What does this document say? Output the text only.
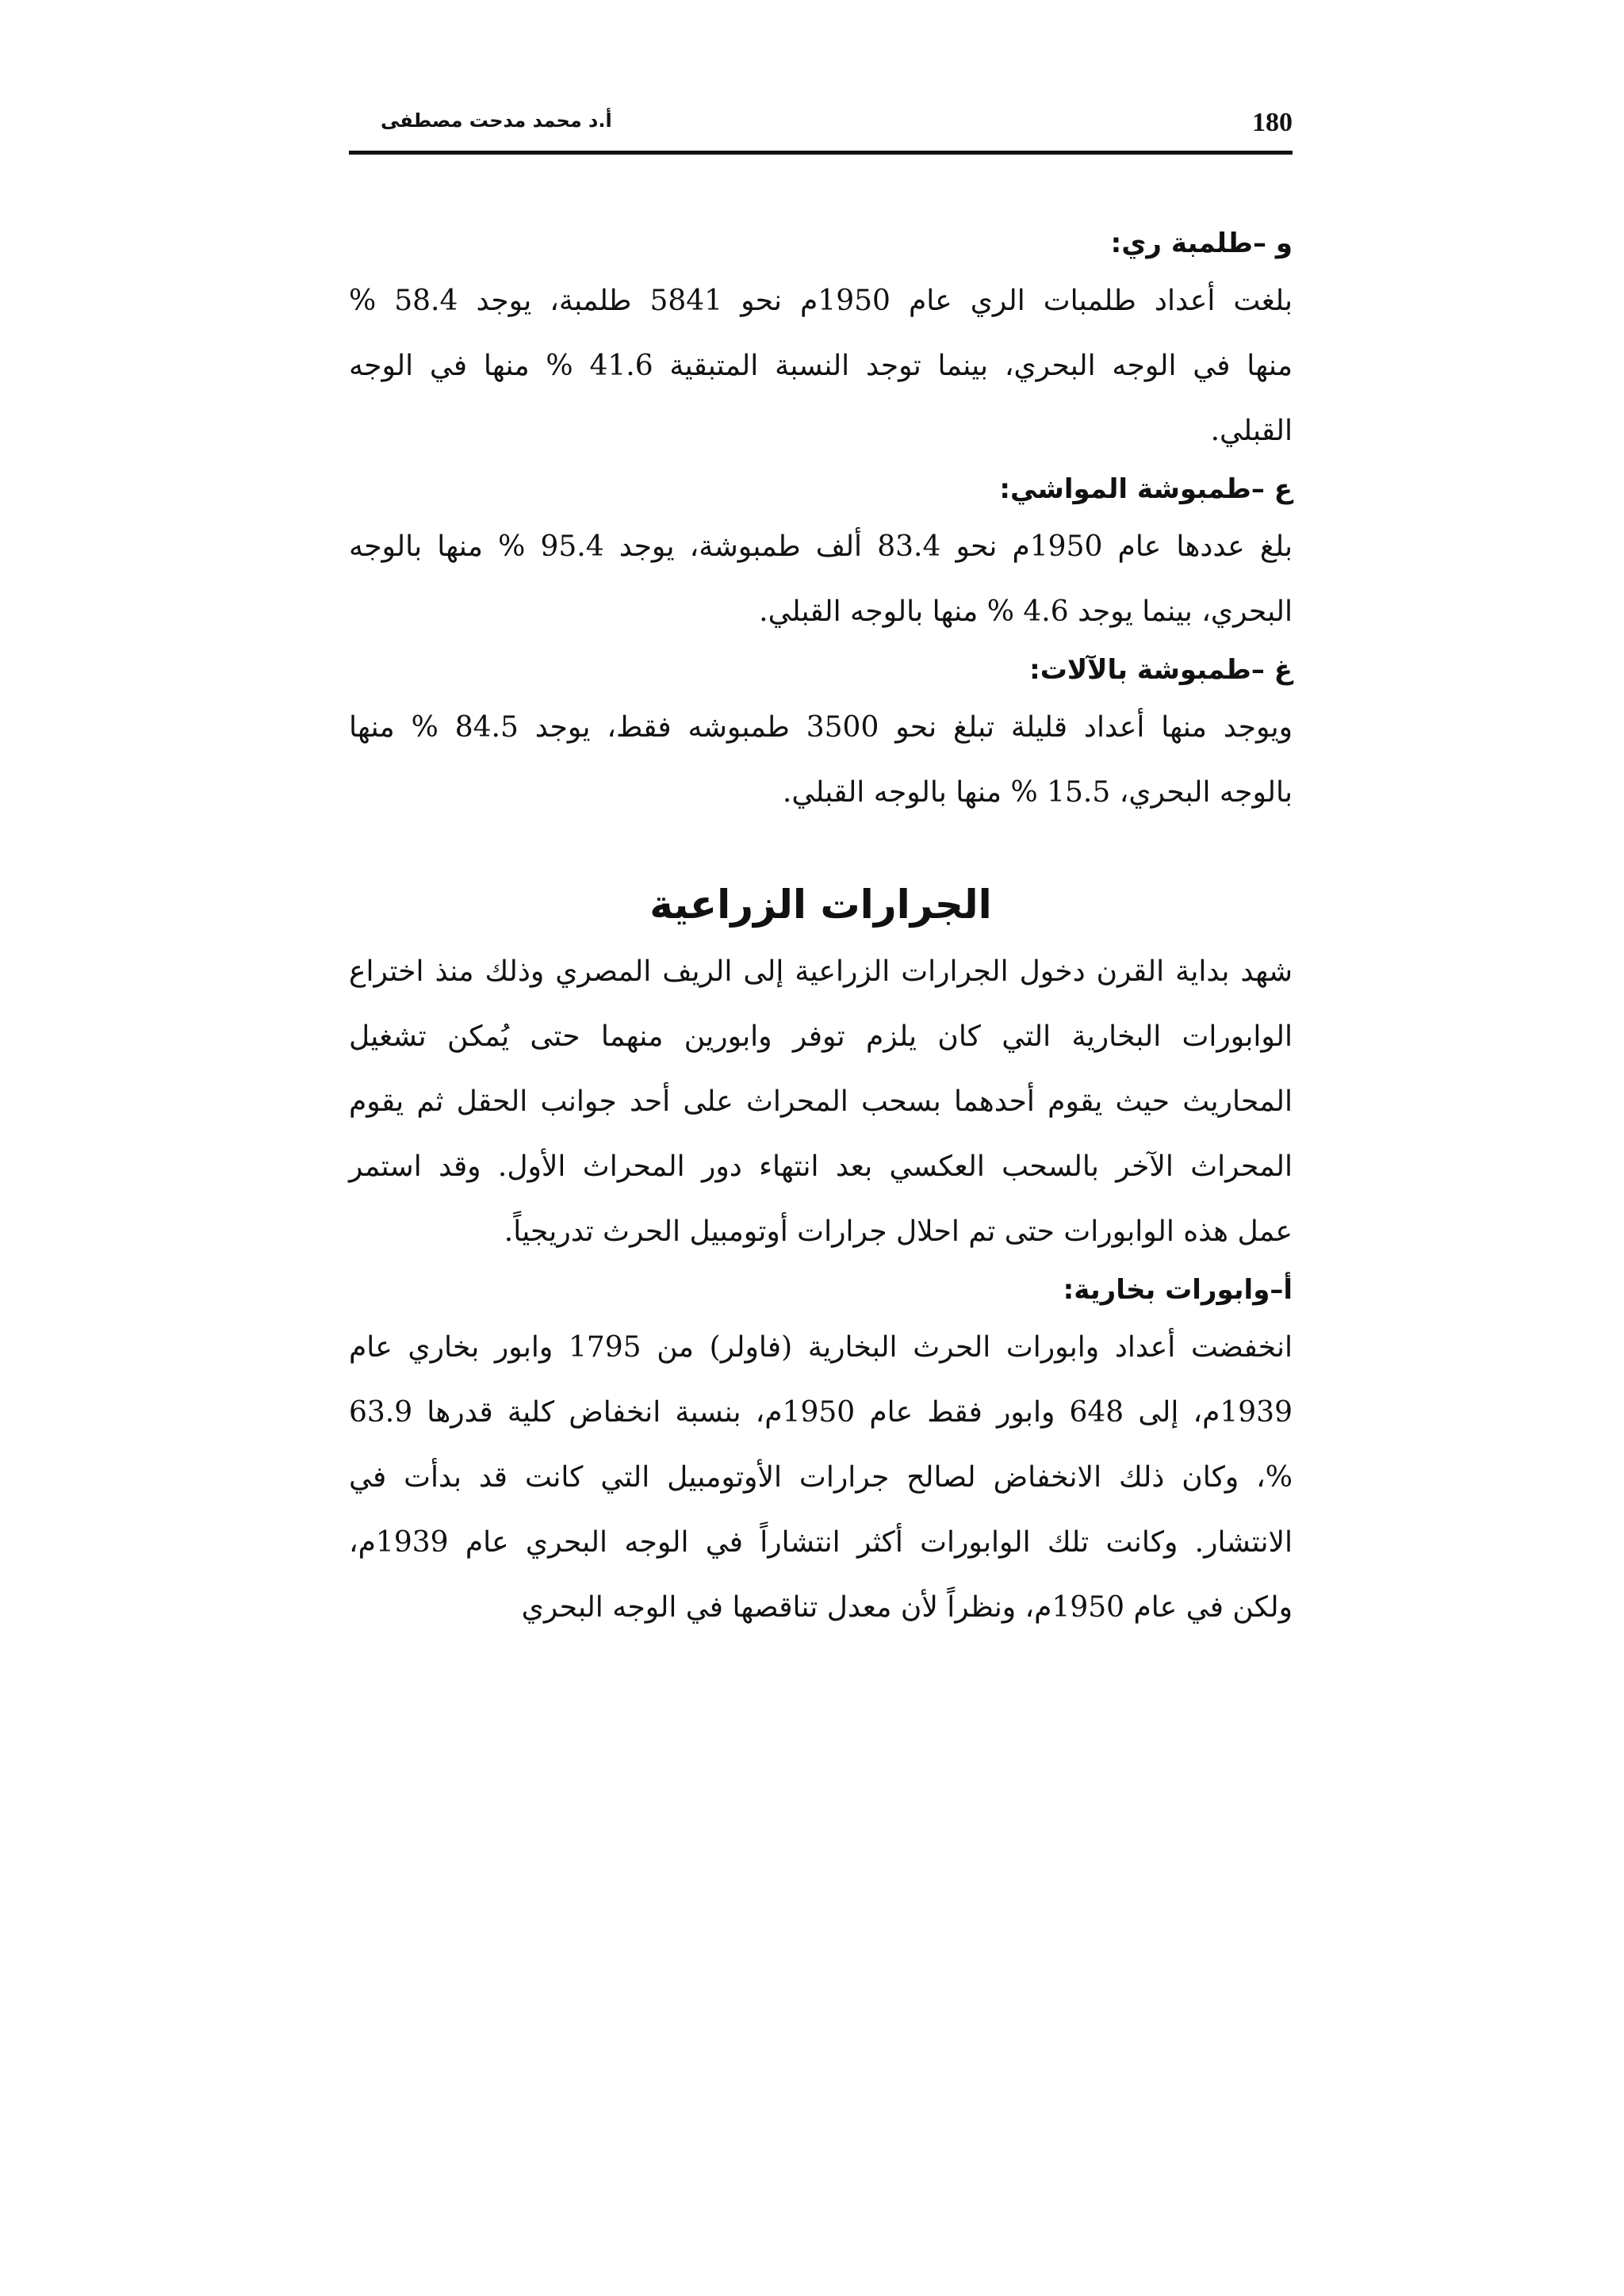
180
أ.د محمد مدحت مصطفى

و –طلمبة ري:

بلغت أعداد طلمبات الري عام 1950م نحو 5841 طلمبة، يوجد 58.4 %
منها في الوجه البحري، بينما توجد النسبة المتبقية 41.6 % منها في الوجه
القبلي.

ع –طمبوشة المواشي:

بلغ عددها عام 1950م نحو 83.4 ألف طمبوشة، يوجد 95.4 % منها بالوجه
البحري، بينما يوجد 4.6 % منها بالوجه القبلي.

غ –طمبوشة بالآلات:

ويوجد منها أعداد قليلة تبلغ نحو 3500 طمبوشه فقط، يوجد 84.5 % منها
بالوجه البحري، 15.5 % منها بالوجه القبلي.
الجرارات الزراعية
شهد بداية القرن دخول الجرارات الزراعية إلى الريف المصري وذلك منذ اختراع
الوابورات البخارية التي كان يلزم توفر وابورين منهما حتى يُمكن تشغيل
المحاريث حيث يقوم أحدهما بسحب المحراث على أحد جوانب الحقل ثم يقوم
المحراث الآخر بالسحب العكسي بعد انتهاء دور المحراث الأول. وقد استمر
عمل هذه الوابورات حتى تم احلال جرارات أوتومبيل الحرث تدريجياً.

أ–وابورات بخارية:

انخفضت أعداد وابورات الحرث البخارية (فاولر) من 1795 وابور بخاري عام
1939م، إلى 648 وابور فقط عام 1950م، بنسبة انخفاض كلية قدرها 63.9
%، وكان ذلك الانخفاض لصالح جرارات الأوتومبيل التي كانت قد بدأت في
الانتشار. وكانت تلك الوابورات أكثر انتشاراً في الوجه البحري عام 1939م،
ولكن في عام 1950م، ونظراً لأن معدل تناقصها في الوجه البحري
